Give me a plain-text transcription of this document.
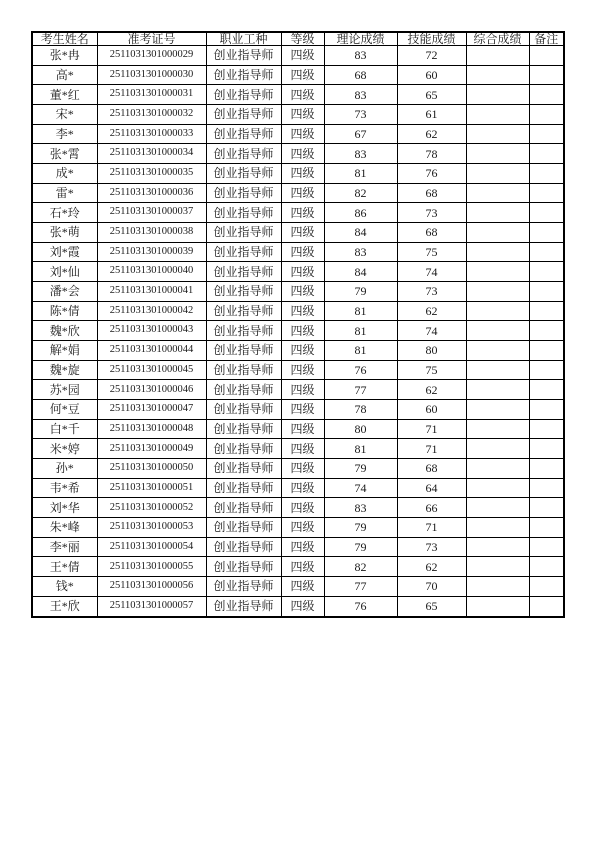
考生姓名	准考证号	职业工种	等级	理论成绩	技能成绩	综合成绩	备注
张*冉	2511031301000029	创业指导师	四级	83	72		
高*	2511031301000030	创业指导师	四级	68	60		
董*红	2511031301000031	创业指导师	四级	83	65		
宋*	2511031301000032	创业指导师	四级	73	61		
李*	2511031301000033	创业指导师	四级	67	62		
张*霄	2511031301000034	创业指导师	四级	83	78		
成*	2511031301000035	创业指导师	四级	81	76		
雷*	2511031301000036	创业指导师	四级	82	68		
石*玲	2511031301000037	创业指导师	四级	86	73		
张*萌	2511031301000038	创业指导师	四级	84	68		
刘*霞	2511031301000039	创业指导师	四级	83	75		
刘*仙	2511031301000040	创业指导师	四级	84	74		
潘*会	2511031301000041	创业指导师	四级	79	73		
陈*倩	2511031301000042	创业指导师	四级	81	62		
魏*欣	2511031301000043	创业指导师	四级	81	74		
解*娟	2511031301000044	创业指导师	四级	81	80		
魏*旋	2511031301000045	创业指导师	四级	76	75		
苏*园	2511031301000046	创业指导师	四级	77	62		
何*豆	2511031301000047	创业指导师	四级	78	60		
白*千	2511031301000048	创业指导师	四级	80	71		
米*婷	2511031301000049	创业指导师	四级	81	71		
孙*	2511031301000050	创业指导师	四级	79	68		
韦*希	2511031301000051	创业指导师	四级	74	64		
刘*华	2511031301000052	创业指导师	四级	83	66		
朱*峰	2511031301000053	创业指导师	四级	79	71		
李*丽	2511031301000054	创业指导师	四级	79	73		
王*倩	2511031301000055	创业指导师	四级	82	62		
钱*	2511031301000056	创业指导师	四级	77	70		
王*欣	2511031301000057	创业指导师	四级	76	65		
